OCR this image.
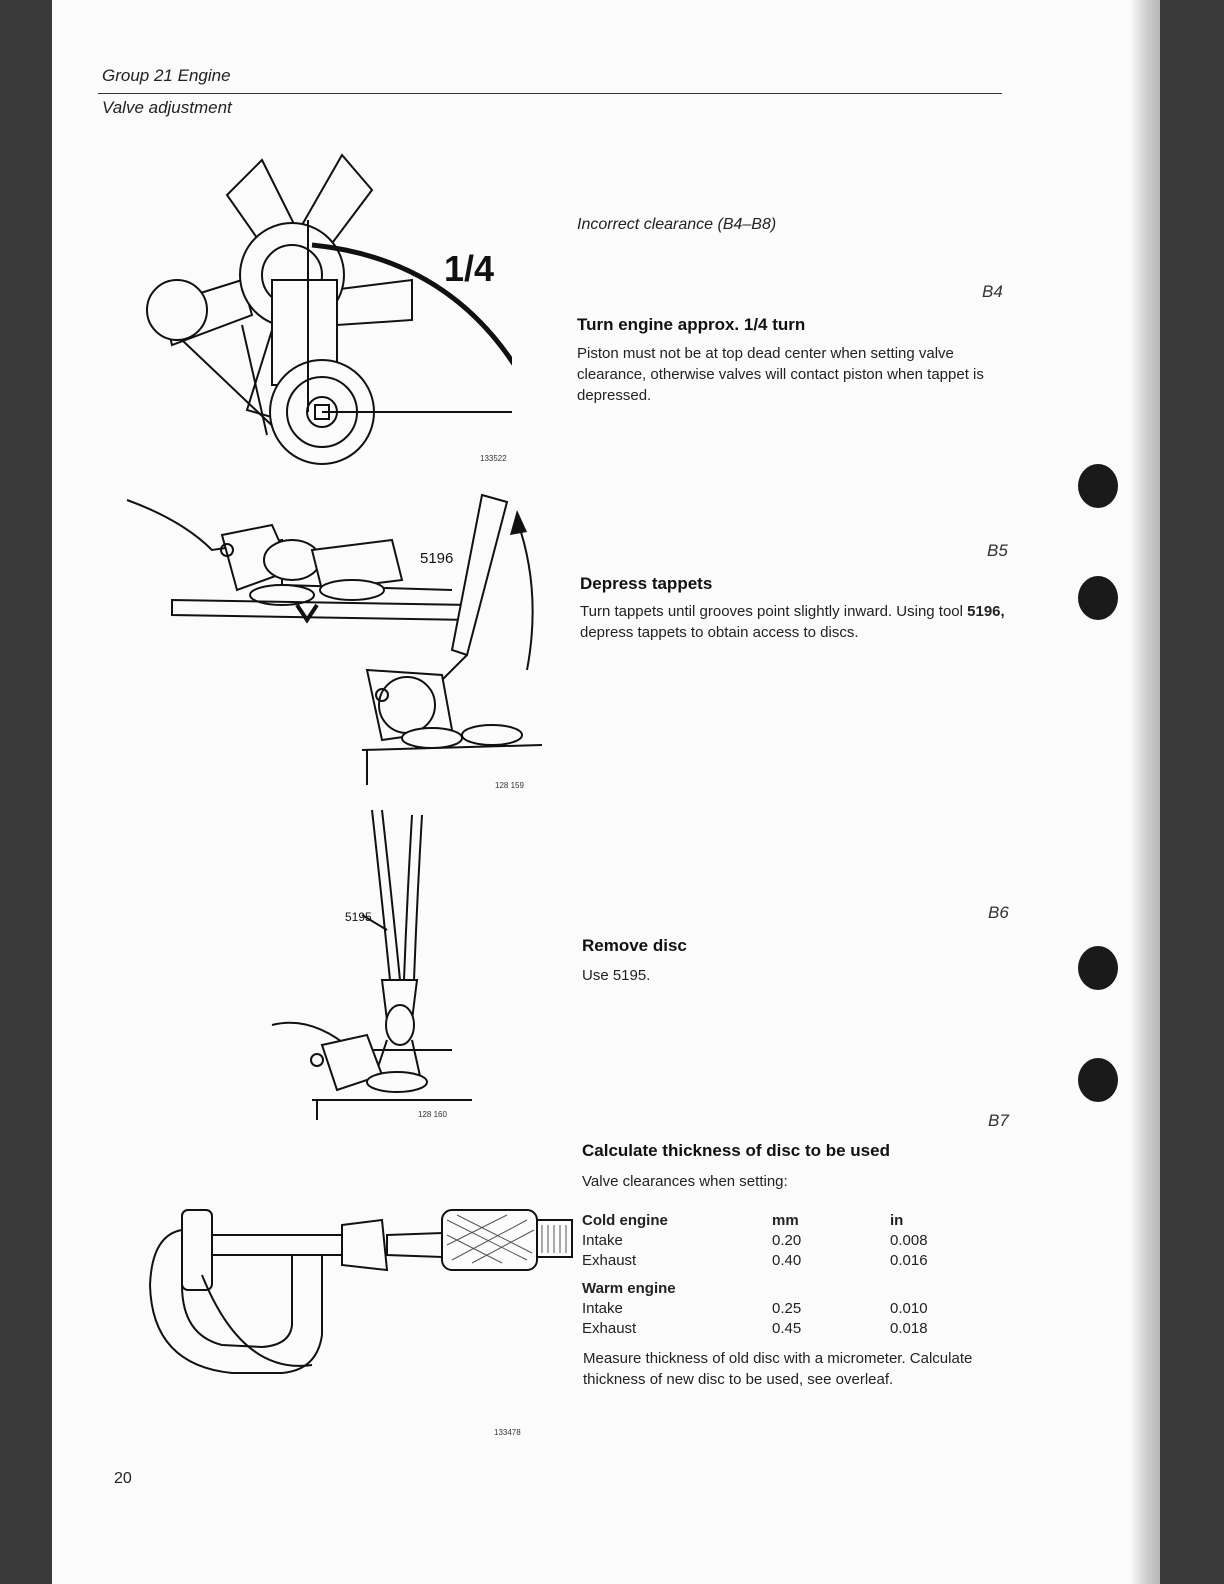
Group 21 Engine
Valve adjustment
1/4
133522
5196
128 159
5195
128 160
133478
Incorrect clearance (B4–B8)
B4
Turn engine approx. 1/4 turn
Piston must not be at top dead center when setting valve clearance, otherwise valves will contact piston when tappet is depressed.
B5
Depress tappets
Turn tappets until grooves point slightly inward. Using tool 5196, depress tappets to obtain access to discs.
B6
Remove disc
Use 5195.
B7
Calculate thickness of disc to be used
Valve clearances when setting:
Cold engine	mm	in
Intake	0.20	0.008
Exhaust	0.40	0.016
Warm engine
Intake	0.25	0.010
Exhaust	0.45	0.018
Measure thickness of old disc with a micrometer. Calculate thickness of new disc to be used, see overleaf.
20
